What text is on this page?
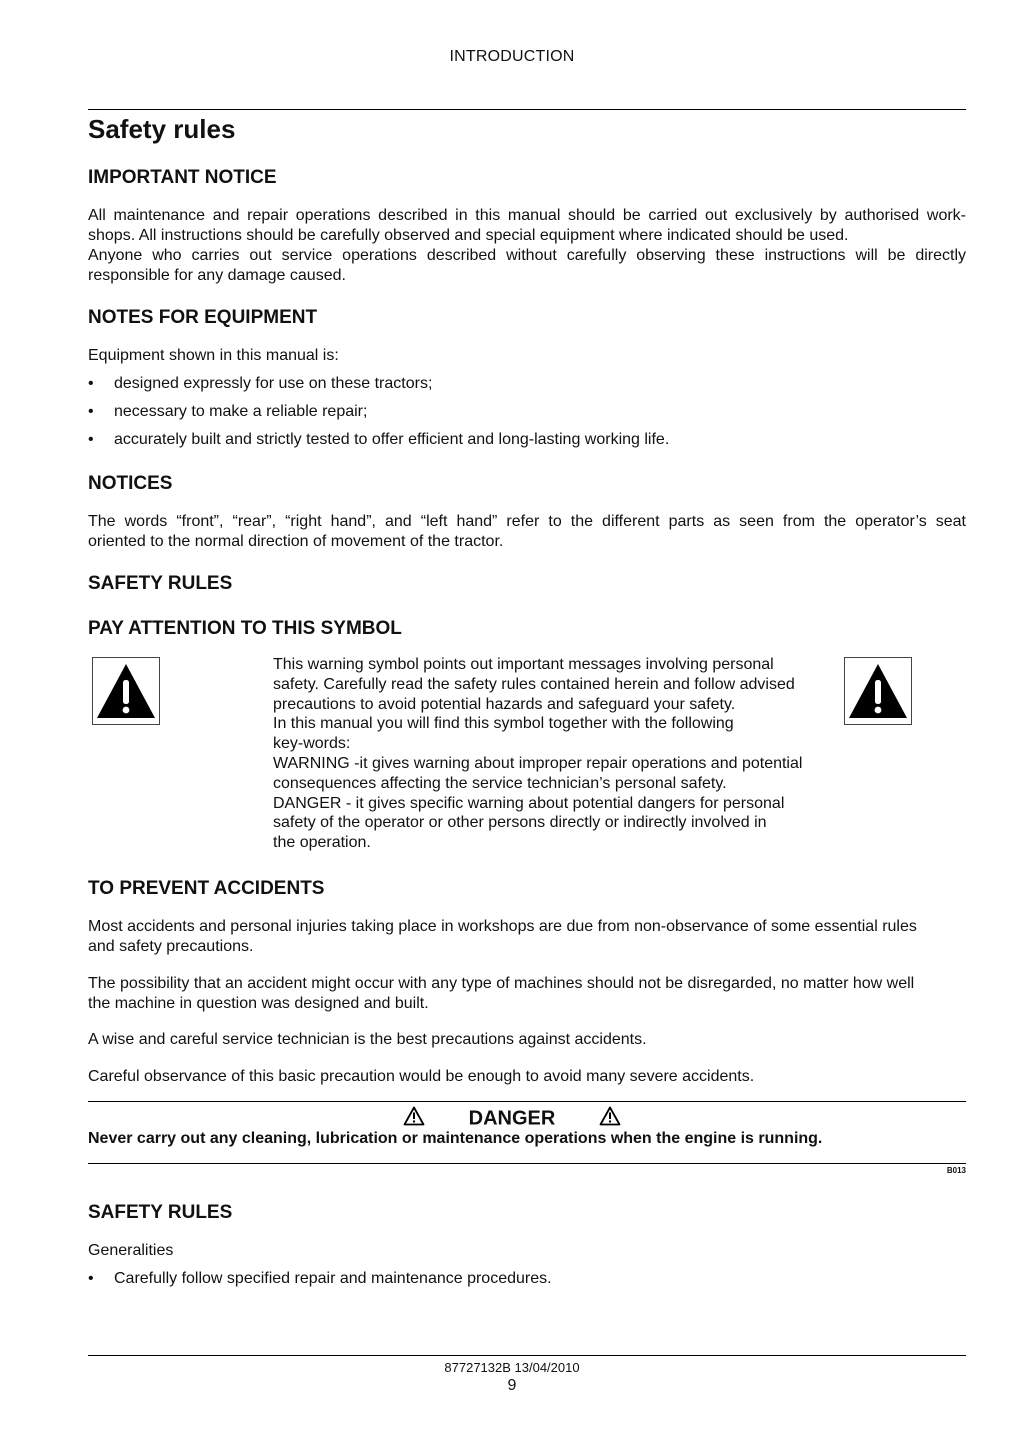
INTRODUCTION
Safety rules
IMPORTANT NOTICE
All maintenance and repair operations described in this manual should be carried out exclusively by authorised work-
shops. All instructions should be carefully observed and special equipment where indicated should be used.
Anyone who carries out service operations described without carefully observing these instructions will be directly
responsible for any damage caused.
NOTES FOR EQUIPMENT
Equipment shown in this manual is:
•	designed expressly for use on these tractors;
•	necessary to make a reliable repair;
•	accurately built and strictly tested to offer efficient and long-lasting working life.
NOTICES
The words “front”, “rear”, “right hand”, and “left hand” refer to the different parts as seen from the operator’s seat
oriented to the normal direction of movement of the tractor.
SAFETY RULES
PAY ATTENTION TO THIS SYMBOL
This warning symbol points out important messages involving personal
safety. Carefully read the safety rules contained herein and follow advised
precautions to avoid potential hazards and safeguard your safety.
In this manual you will find this symbol together with the following
key-words:
WARNING -it gives warning about improper repair operations and potential
consequences affecting the service technician’s personal safety.
DANGER - it gives specific warning about potential dangers for personal
safety of the operator or other persons directly or indirectly involved in
the operation.
TO PREVENT ACCIDENTS
Most accidents and personal injuries taking place in workshops are due from non-observance of some essential rules
and safety precautions.
The possibility that an accident might occur with any type of machines should not be disregarded, no matter how well
the machine in question was designed and built.
A wise and careful service technician is the best precautions against accidents.
Careful observance of this basic precaution would be enough to avoid many severe accidents.
DANGER
Never carry out any cleaning, lubrication or maintenance operations when the engine is running.
B013
SAFETY RULES
Generalities
•	Carefully follow specified repair and maintenance procedures.
87727132B 13/04/2010
9
